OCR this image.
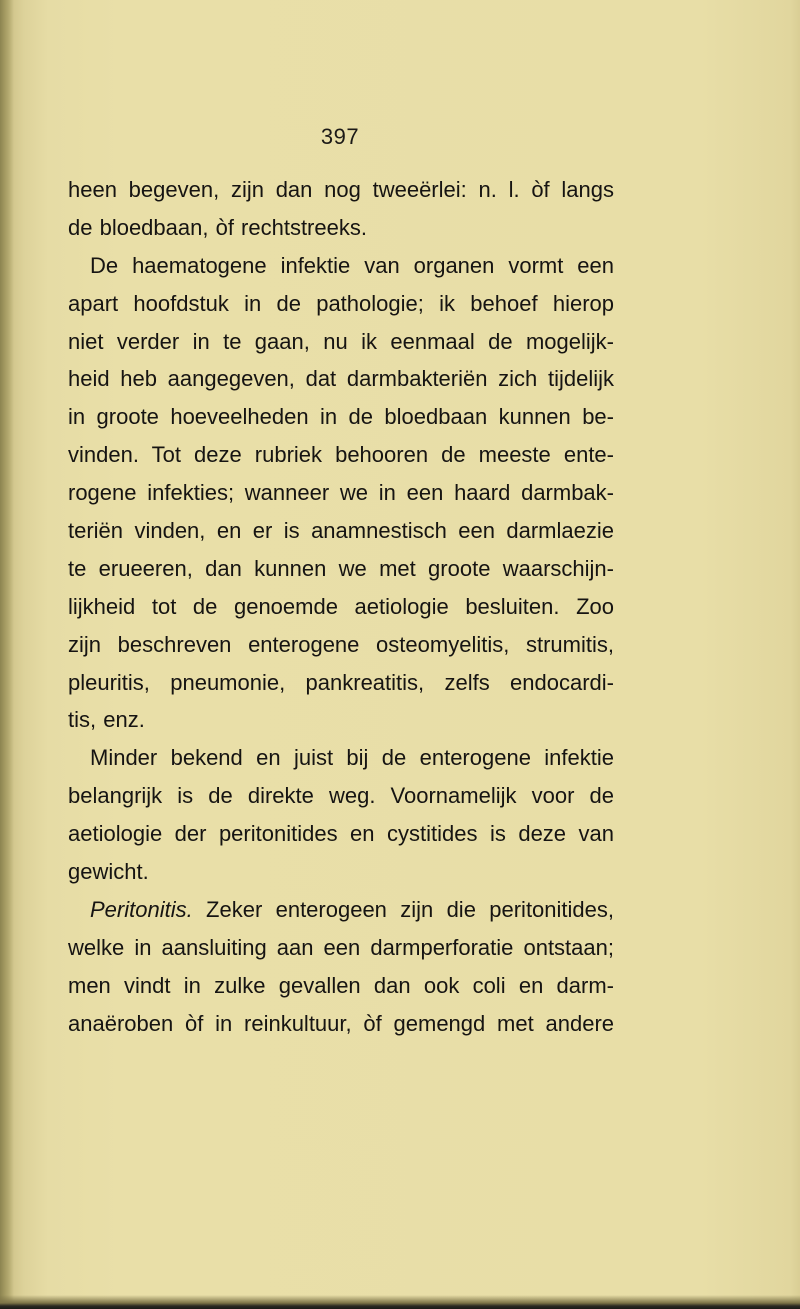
397
heen begeven, zijn dan nog tweeërlei: n. l. òf langs
de bloedbaan, òf rechtstreeks.
De haematogene infektie van organen vormt een
apart hoofdstuk in de pathologie; ik behoef hierop
niet verder in te gaan, nu ik eenmaal de mogelijk-
heid heb aangegeven, dat darmbakteriën zich tijdelijk
in groote hoeveelheden in de bloedbaan kunnen be-
vinden. Tot deze rubriek behooren de meeste ente-
rogene infekties; wanneer we in een haard darmbak-
teriën vinden, en er is anamnestisch een darmlaezie
te erueeren, dan kunnen we met groote waarschijn-
lijkheid tot de genoemde aetiologie besluiten. Zoo
zijn beschreven enterogene osteomyelitis, strumitis,
pleuritis, pneumonie, pankreatitis, zelfs endocardi-
tis, enz.
Minder bekend en juist bij de enterogene infektie
belangrijk is de direkte weg. Voornamelijk voor de
aetiologie der peritonitides en cystitides is deze van
gewicht.
Peritonitis. Zeker enterogeen zijn die peritonitides,
welke in aansluiting aan een darmperforatie ontstaan;
men vindt in zulke gevallen dan ook coli en darm-
anaëroben òf in reinkultuur, òf gemengd met andere
